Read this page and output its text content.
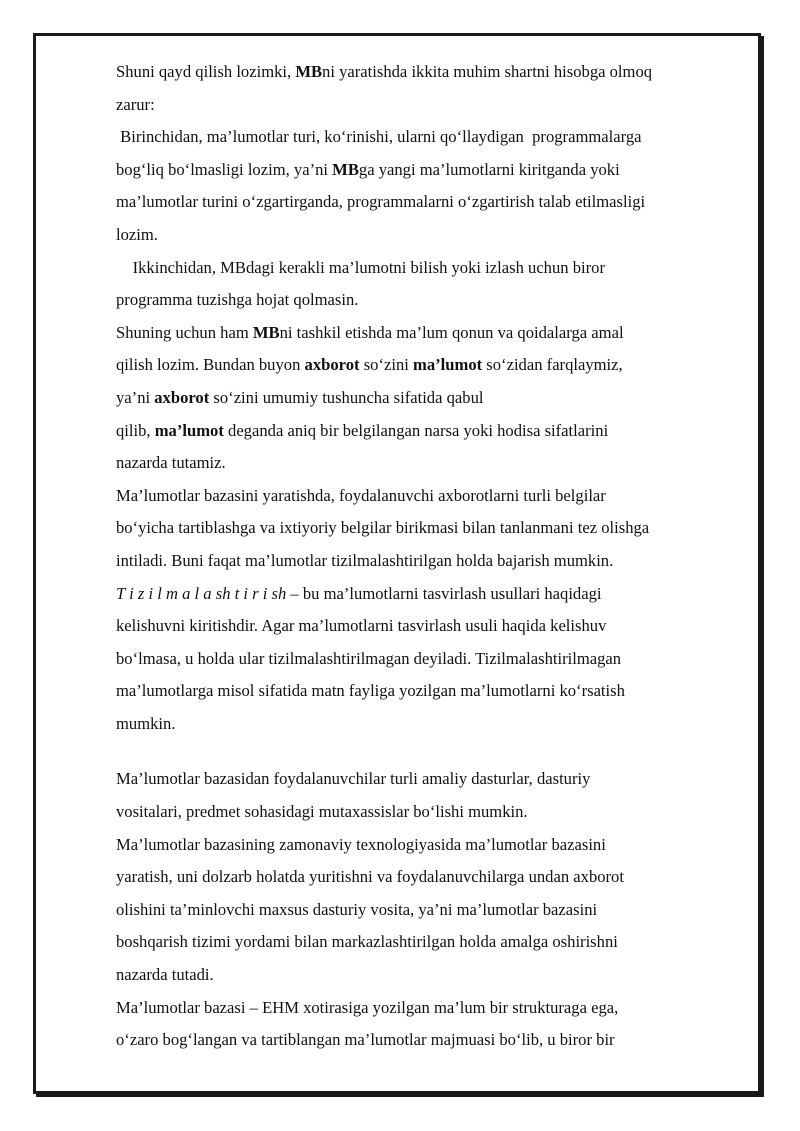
Shuni qayd qilish lozimki, MBni yaratishda ikkita muhim shartni hisobga olmoq
zarur:
Birinchidan, ma’lumotlar turi, ko‘rinishi, ularni qo‘llaydigan  programmalarga
bog‘liq bo‘lmasligi lozim, ya’ni MBga yangi ma’lumotlarni kiritganda yoki
ma’lumotlar turini o‘zgartirganda, programmalarni o‘zgartirish talab etilmasligi
lozim.
Ikkinchidan, MBdagi kerakli ma’lumotni bilish yoki izlash uchun biror
programma tuzishga hojat qolmasin.
Shuning uchun ham MBni tashkil etishda ma’lum qonun va qoidalarga amal
qilish lozim. Bundan buyon axborot so‘zini ma’lumot so‘zidan farqlaymiz,
ya’ni axborot so‘zini umumiy tushuncha sifatida qabul
qilib, ma’lumot deganda aniq bir belgilangan narsa yoki hodisa sifatlarini
nazarda tutamiz.
Ma’lumotlar bazasini yaratishda, foydalanuvchi axborotlarni turli belgilar
bo‘yicha tartiblashga va ixtiyoriy belgilar birikmasi bilan tanlanmani tez olishga
intiladi. Buni faqat ma’lumotlar tizilmalashtirilgan holda bajarish mumkin.
T i z i l m a l a sh t i r i sh – bu ma’lumotlarni tasvirlash usullari haqidagi
kelishuvni kiritishdir. Agar ma’lumotlarni tasvirlash usuli haqida kelishuv
bo‘lmasa, u holda ular tizilmalashtirilmagan deyiladi. Tizilmalashtirilmagan
ma’lumotlarga misol sifatida matn fayliga yozilgan ma’lumotlarni ko‘rsatish
mumkin.
Ma’lumotlar bazasidan foydalanuvchilar turli amaliy dasturlar, dasturiy
vositalari, predmet sohasidagi mutaxassislar bo‘lishi mumkin.
Ma’lumotlar bazasining zamonaviy texnologiyasida ma’lumotlar bazasini
yaratish, uni dolzarb holatda yuritishni va foydalanuvchilarga undan axborot
olishini ta’minlovchi maxsus dasturiy vosita, ya’ni ma’lumotlar bazasini
boshqarish tizimi yordami bilan markazlashtirilgan holda amalga oshirishni
nazarda tutadi.
Ma’lumotlar bazasi – EHM xotirasiga yozilgan ma’lum bir strukturaga ega,
o‘zaro bog‘langan va tartiblangan ma’lumotlar majmuasi bo‘lib, u biror bir
